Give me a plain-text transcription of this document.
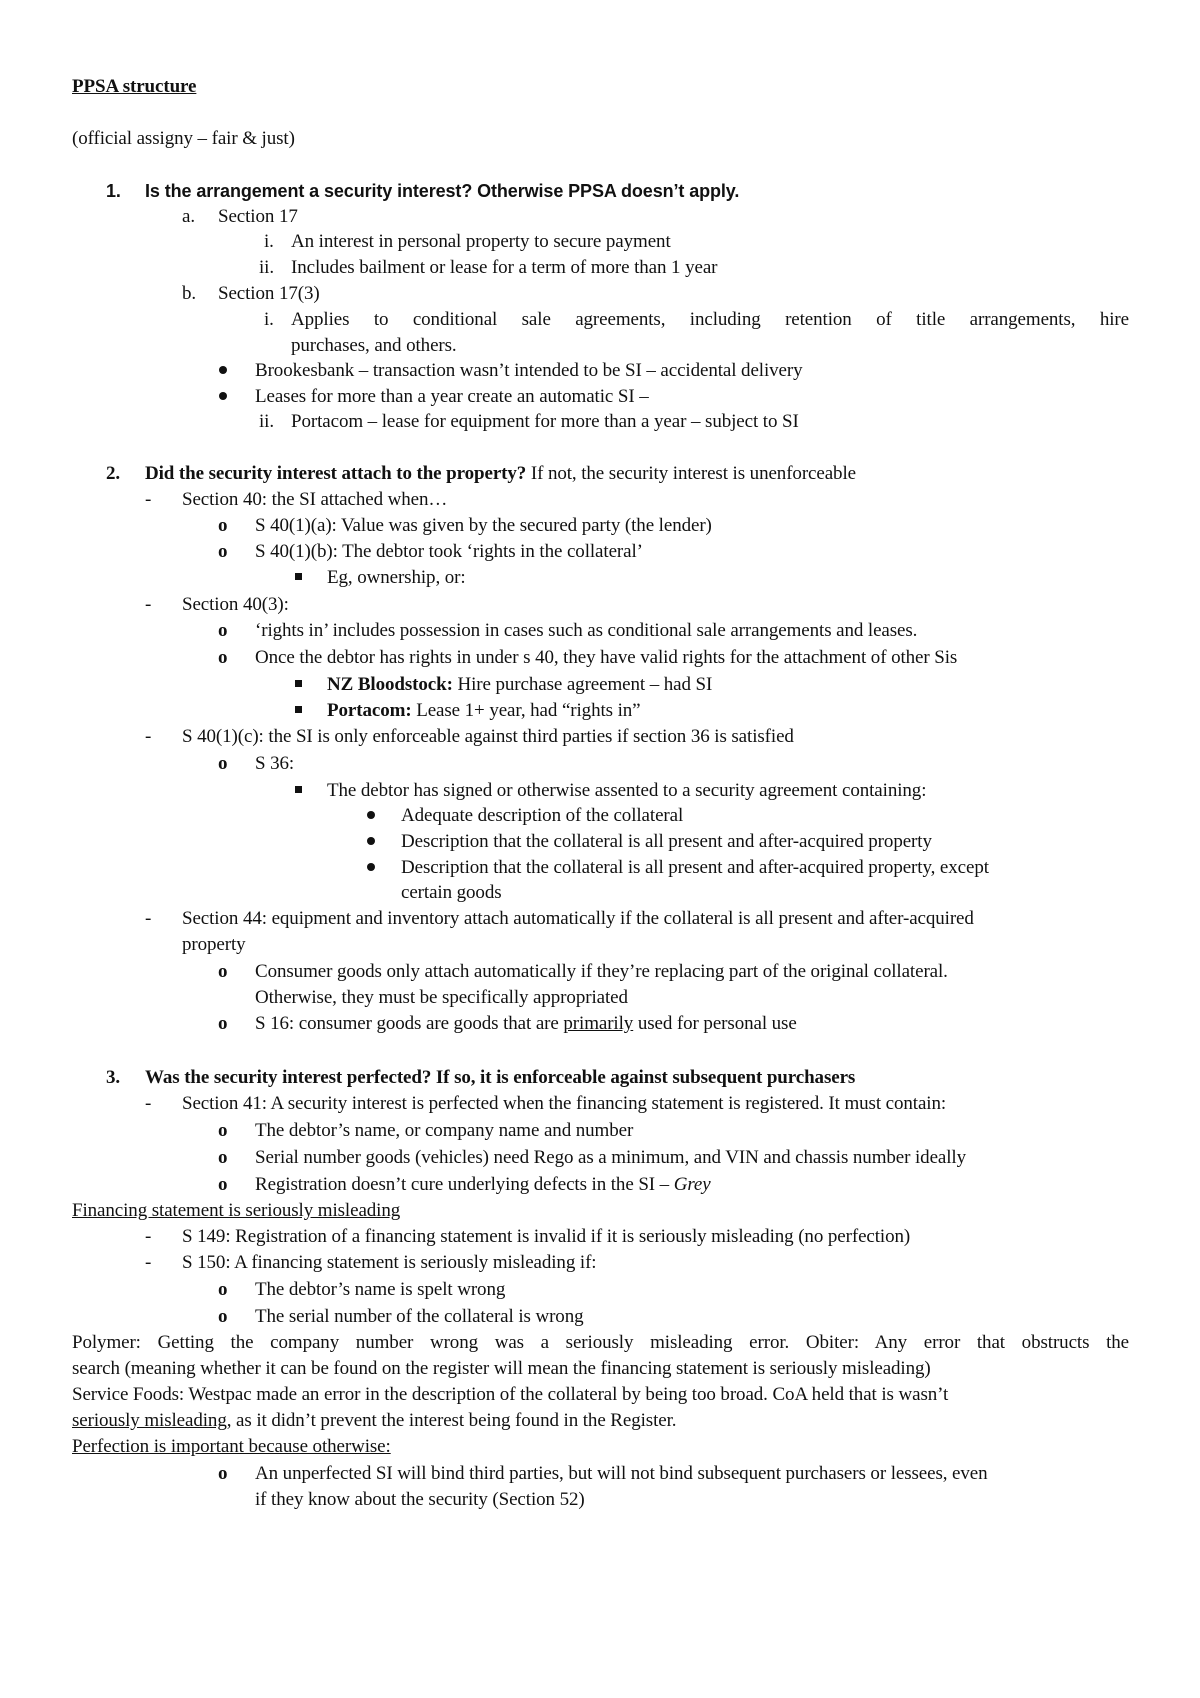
PPSA structure
(official assigny – fair & just)
1. Is the arrangement a security interest? Otherwise PPSA doesn’t apply.
a. Section 17
i. An interest in personal property to secure payment
ii. Includes bailment or lease for a term of more than 1 year
b. Section 17(3)
i. Applies to conditional sale agreements, including retention of title arrangements, hire
purchases, and others.
Brookesbank – transaction wasn’t intended to be SI – accidental delivery
Leases for more than a year create an automatic SI –
ii. Portacom – lease for equipment for more than a year – subject to SI
2. Did the security interest attach to the property? If not, the security interest is unenforceable
- Section 40: the SI attached when…
o S 40(1)(a): Value was given by the secured party (the lender)
o S 40(1)(b): The debtor took ‘rights in the collateral’
Eg, ownership, or:
- Section 40(3):
o ‘rights in’ includes possession in cases such as conditional sale arrangements and leases.
o Once the debtor has rights in under s 40, they have valid rights for the attachment of other Sis
NZ Bloodstock: Hire purchase agreement – had SI
Portacom: Lease 1+ year, had “rights in”
- S 40(1)(c): the SI is only enforceable against third parties if section 36 is satisfied
o S 36:
The debtor has signed or otherwise assented to a security agreement containing:
Adequate description of the collateral
Description that the collateral is all present and after-acquired property
Description that the collateral is all present and after-acquired property, except
certain goods
- Section 44: equipment and inventory attach automatically if the collateral is all present and after-acquired
property
o Consumer goods only attach automatically if they’re replacing part of the original collateral.
Otherwise, they must be specifically appropriated
o S 16: consumer goods are goods that are primarily used for personal use
3. Was the security interest perfected? If so, it is enforceable against subsequent purchasers
- Section 41: A security interest is perfected when the financing statement is registered. It must contain:
o The debtor’s name, or company name and number
o Serial number goods (vehicles) need Rego as a minimum, and VIN and chassis number ideally
o Registration doesn’t cure underlying defects in the SI – Grey
Financing statement is seriously misleading
- S 149: Registration of a financing statement is invalid if it is seriously misleading (no perfection)
- S 150: A financing statement is seriously misleading if:
o The debtor’s name is spelt wrong
o The serial number of the collateral is wrong
Polymer: Getting the company number wrong was a seriously misleading error. Obiter: Any error that obstructs the
search (meaning whether it can be found on the register will mean the financing statement is seriously misleading)
Service Foods: Westpac made an error in the description of the collateral by being too broad. CoA held that is wasn’t
seriously misleading, as it didn’t prevent the interest being found in the Register.
Perfection is important because otherwise:
o An unperfected SI will bind third parties, but will not bind subsequent purchasers or lessees, even
if they know about the security (Section 52)
